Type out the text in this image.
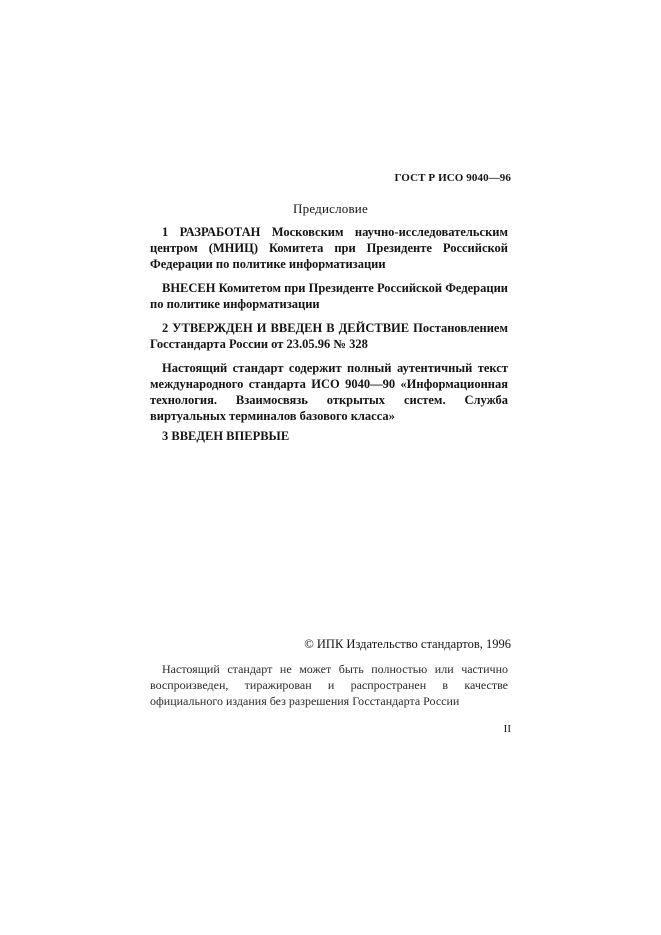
ГОСТ Р ИСО 9040—96
Предисловие
1 РАЗРАБОТАН Московским научно-исследовательским центром (МНИЦ) Комитета при Президенте Российской Федерации по политике информатизации
ВНЕСЕН Комитетом при Президенте Российской Федерации по политике информатизации
2 УТВЕРЖДЕН И ВВЕДЕН В ДЕЙСТВИЕ Постановлением Госстандарта России от 23.05.96 № 328
Настоящий стандарт содержит полный аутентичный текст международного стандарта ИСО 9040—90 «Информационная технология. Взаимосвязь открытых систем. Служба виртуальных терминалов базового класса»
3 ВВЕДЕН ВПЕРВЫЕ
© ИПК Издательство стандартов, 1996
Настоящий стандарт не может быть полностью или частично воспроизведен, тиражирован и распространен в качестве официального издания без разрешения Госстандарта России
II
